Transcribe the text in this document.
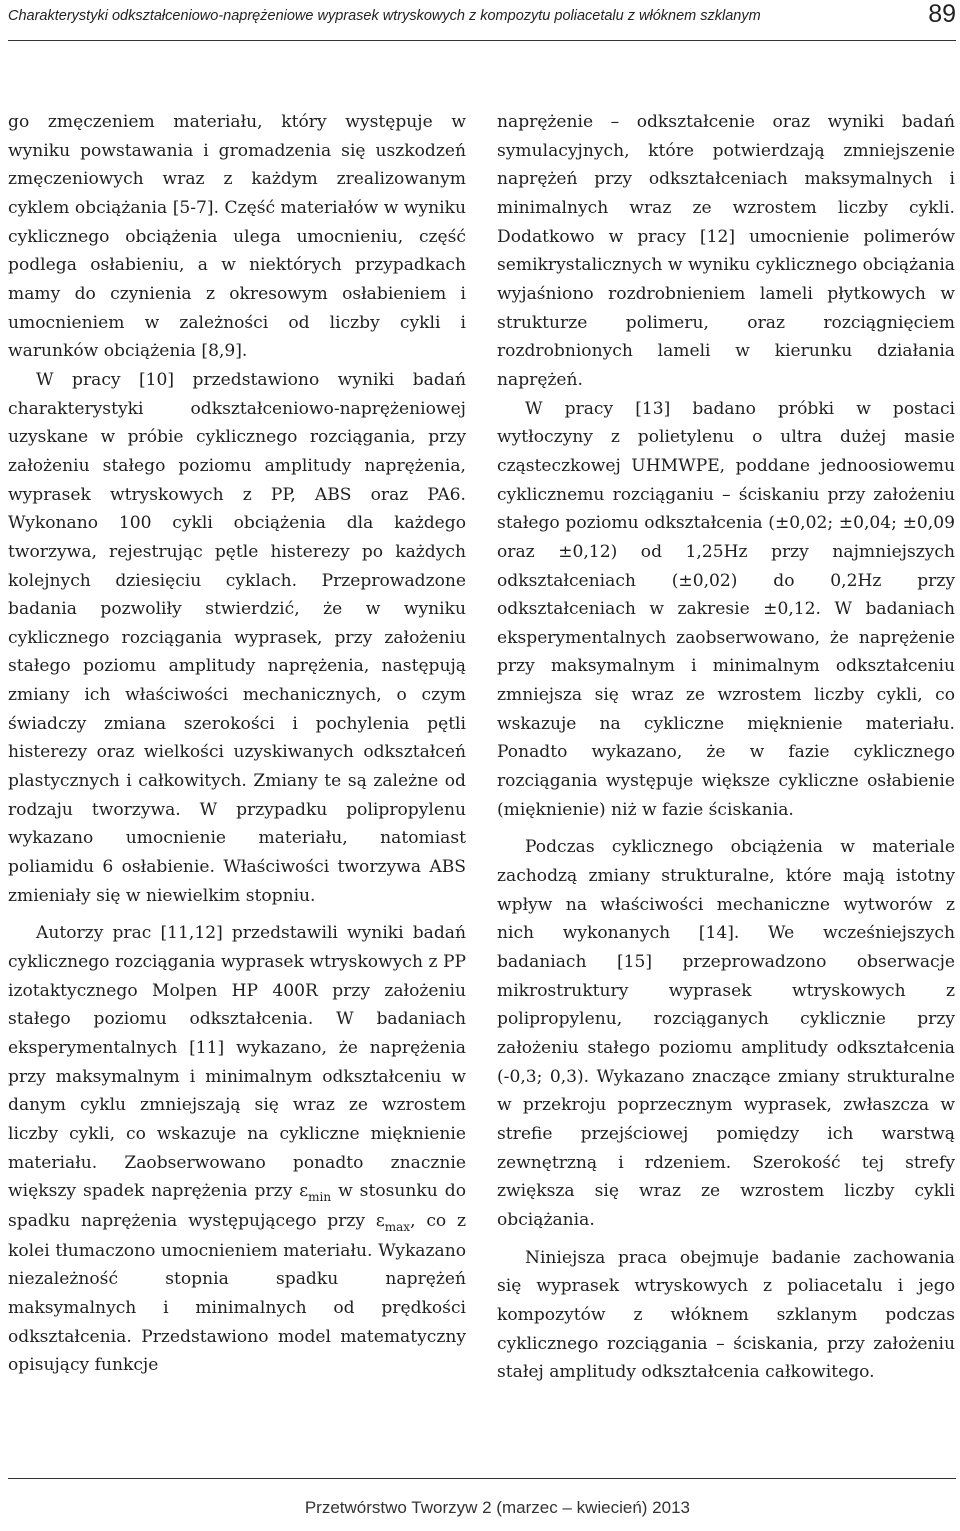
Charakterystyki odkształceniowo-naprężeniowe wyprasek wtryskowych z kompozytu poliacetalu z włóknem szklanym	89

go zmęczeniem materiału, który występuje w wyniku powstawania i gromadzenia się uszkodzeń zmęczeniowych wraz z każdym zrealizowanym cyklem obciążania [5-7]. Część materiałów w wyniku cyklicznego obciążenia ulega umocnieniu, część podlega osłabieniu, a w niektórych przypadkach mamy do czynienia z okresowym osłabieniem i umocnieniem w zależności od liczby cykli i warunków obciążenia [8,9].

W pracy [10] przedstawiono wyniki badań charakterystyki odkształceniowo-naprężeniowej uzyskane w próbie cyklicznego rozciągania, przy założeniu stałego poziomu amplitudy naprężenia, wyprasek wtryskowych z PP, ABS oraz PA6. Wykonano 100 cykli obciążenia dla każdego tworzywa, rejestrując pętle histerezy po każdych kolejnych dziesięciu cyklach. Przeprowadzone badania pozwoliły stwierdzić, że w wyniku cyklicznego rozciągania wyprasek, przy założeniu stałego poziomu amplitudy naprężenia, następują zmiany ich właściwości mechanicznych, o czym świadczy zmiana szerokości i pochylenia pętli histerezy oraz wielkości uzyskiwanych odkształceń plastycznych i całkowitych. Zmiany te są zależne od rodzaju tworzywa. W przypadku polipropylenu wykazano umocnienie materiału, natomiast poliamidu 6 osłabienie. Właściwości tworzywa ABS zmieniały się w niewielkim stopniu.

Autorzy prac [11,12] przedstawili wyniki badań cyklicznego rozciągania wyprasek wtryskowych z PP izotaktycznego Molpen HP 400R przy założeniu stałego poziomu odkształcenia. W badaniach eksperymentalnych [11] wykazano, że naprężenia przy maksymalnym i minimalnym odkształceniu w danym cyklu zmniejszają się wraz ze wzrostem liczby cykli, co wskazuje na cykliczne mięknienie materiału. Zaobserwowano ponadto znacznie większy spadek naprężenia przy $\varepsilon_{min}$ w stosunku do spadku naprężenia występującego przy $\varepsilon_{max}$, co z kolei tłumaczono umocnieniem materiału. Wykazano niezależność stopnia spadku naprężeń maksymalnych i minimalnych od prędkości odkształcenia. Przedstawiono model matematyczny opisujący funkcje

naprężenie – odkształcenie oraz wyniki badań symulacyjnych, które potwierdzają zmniejszenie naprężeń przy odkształceniach maksymalnych i minimalnych wraz ze wzrostem liczby cykli. Dodatkowo w pracy [12] umocnienie polimerów semikrystalicznych w wyniku cyklicznego obciążania wyjaśniono rozdrobnieniem lameli płytkowych w strukturze polimeru, oraz rozciągnięciem rozdrobnionych lameli w kierunku działania naprężeń.

W pracy [13] badano próbki w postaci wytłoczyny z polietylenu o ultra dużej masie cząsteczkowej UHMWPE, poddane jednoosiowemu cyklicznemu rozciąganiu – ściskaniu przy założeniu stałego poziomu odkształcenia (±0,02; ±0,04; ±0,09 oraz ±0,12) od 1,25Hz przy najmniejszych odkształceniach (±0,02) do 0,2Hz przy odkształceniach w zakresie ±0,12. W badaniach eksperymentalnych zaobserwowano, że naprężenie przy maksymalnym i minimalnym odkształceniu zmniejsza się wraz ze wzrostem liczby cykli, co wskazuje na cykliczne mięknienie materiału. Ponadto wykazano, że w fazie cyklicznego rozciągania występuje większe cykliczne osłabienie (mięknienie) niż w fazie ściskania.

Podczas cyklicznego obciążenia w materiale zachodzą zmiany strukturalne, które mają istotny wpływ na właściwości mechaniczne wytworów z nich wykonanych [14]. We wcześniejszych badaniach [15] przeprowadzono obserwacje mikrostruktury wyprasek wtryskowych z polipropylenu, rozciąganych cyklicznie przy założeniu stałego poziomu amplitudy odkształcenia (-0,3; 0,3). Wykazano znaczące zmiany strukturalne w przekroju poprzecznym wyprasek, zwłaszcza w strefie przejściowej pomiędzy ich warstwą zewnętrzną i rdzeniem. Szerokość tej strefy zwiększa się wraz ze wzrostem liczby cykli obciążania.

Niniejsza praca obejmuje badanie zachowania się wyprasek wtryskowych z poliacetalu i jego kompozytów z włóknem szklanym podczas cyklicznego rozciągania – ściskania, przy założeniu stałej amplitudy odkształcenia całkowitego.

Przetwórstwo Tworzyw 2 (marzec – kwiecień) 2013
